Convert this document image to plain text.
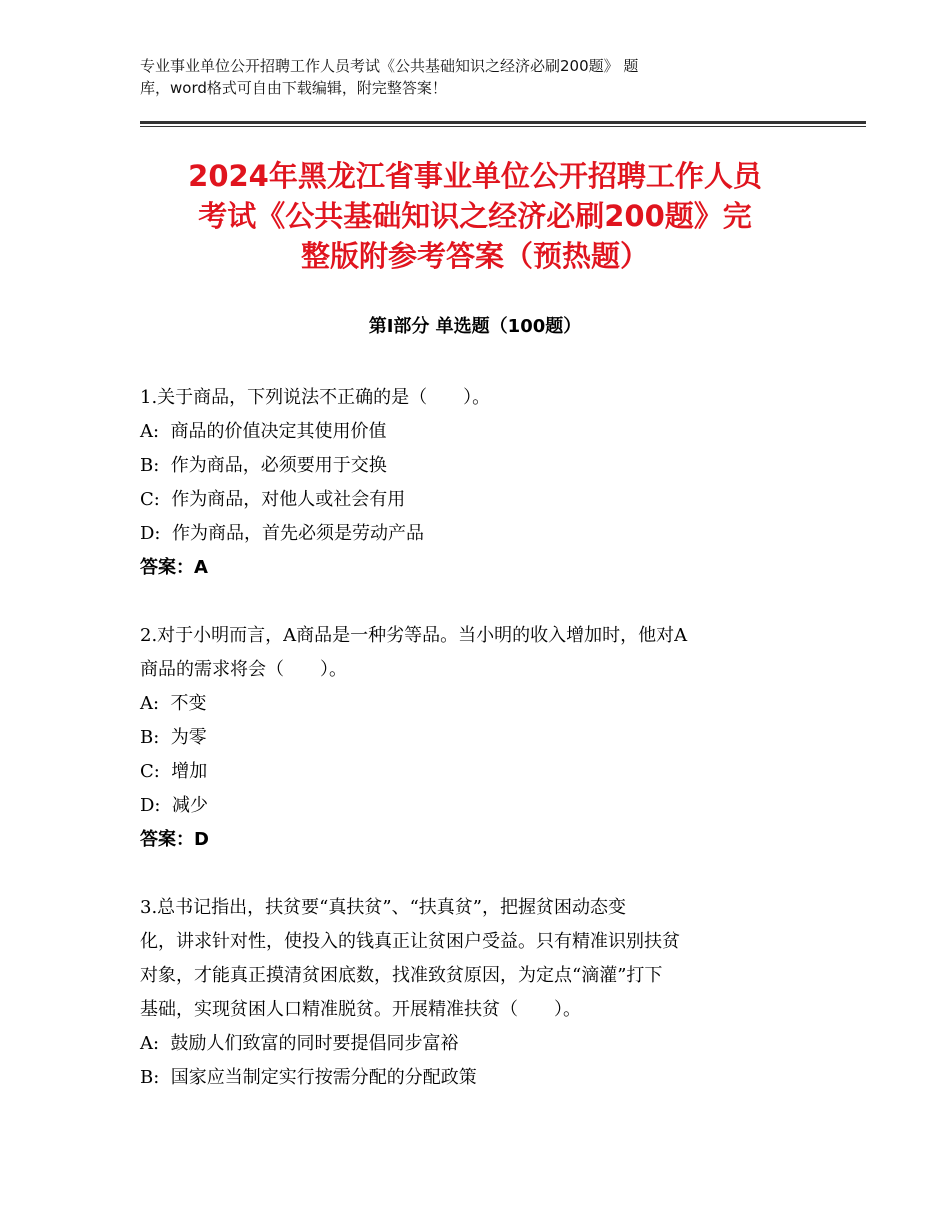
专业事业单位公开招聘工作人员考试《公共基础知识之经济必刷200题》 题
库，word格式可自由下载编辑，附完整答案！
2024年黑龙江省事业单位公开招聘工作人员
考试《公共基础知识之经济必刷200题》完
整版附参考答案（预热题）
第Ⅰ部分 单选题（100题）
1.关于商品，下列说法不正确的是（　　）。
A:  商品的价值决定其使用价值
B:  作为商品，必须要用于交换
C:  作为商品，对他人或社会有用
D:  作为商品，首先必须是劳动产品
答案：A
2.对于小明而言，A商品是一种劣等品。当小明的收入增加时，他对A
商品的需求将会（　　）。
A:  不变
B:  为零
C:  增加
D:  减少
答案：D
3.总书记指出，扶贫要“真扶贫”、“扶真贫”，把握贫困动态变
化，讲求针对性，使投入的钱真正让贫困户受益。只有精准识别扶贫
对象，才能真正摸清贫困底数，找准致贫原因，为定点“滴灌”打下
基础，实现贫困人口精准脱贫。开展精准扶贫（　　）。
A:  鼓励人们致富的同时要提倡同步富裕
B:  国家应当制定实行按需分配的分配政策
